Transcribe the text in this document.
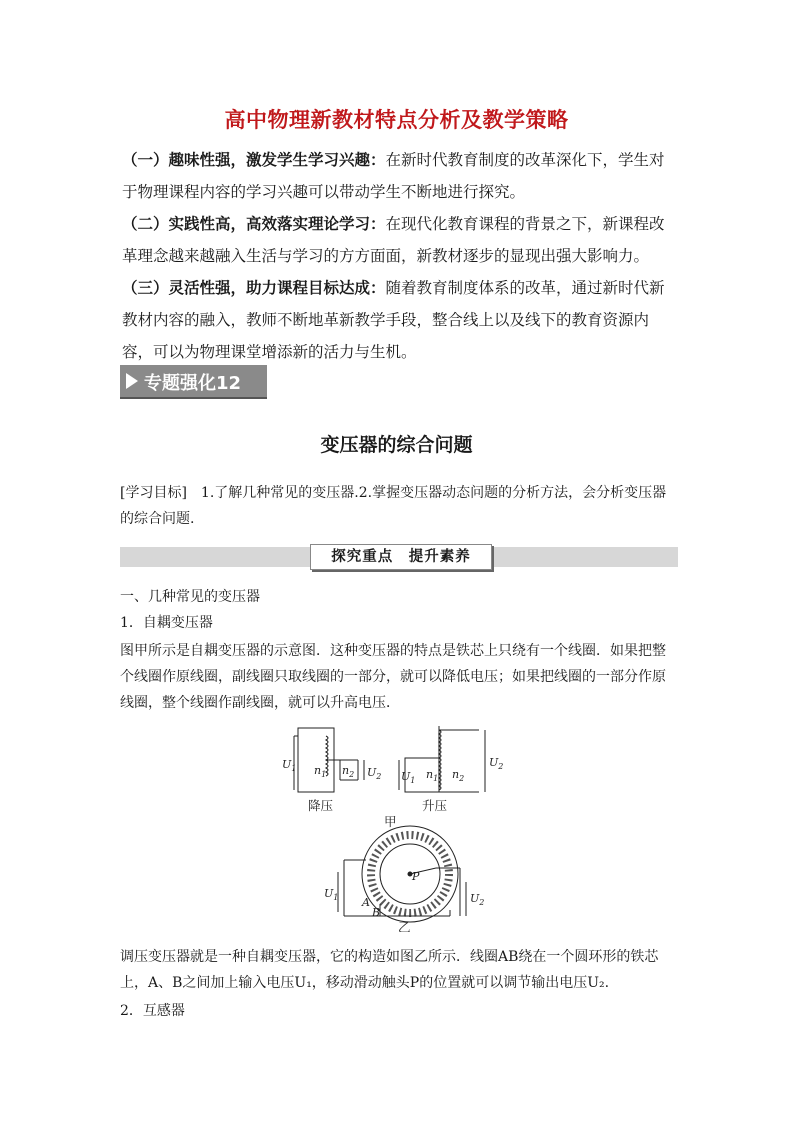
高中物理新教材特点分析及教学策略
（一）趣味性强，激发学生学习兴趣：在新时代教育制度的改革深化下，学生对于物理课程内容的学习兴趣可以带动学生不断地进行探究。
（二）实践性高，高效落实理论学习：在现代化教育课程的背景之下，新课程改革理念越来越融入生活与学习的方方面面，新教材逐步的显现出强大影响力。
（三）灵活性强，助力课程目标达成：随着教育制度体系的改革，通过新时代新教材内容的融入，教师不断地革新教学手段，整合线上以及线下的教育资源内容，可以为物理课堂增添新的活力与生机。
专题强化12
变压器的综合问题
[学习目标]　1.了解几种常见的变压器.2.掌握变压器动态问题的分析方法，会分析变压器的综合问题.
探究重点　提升素养
一、几种常见的变压器
1．自耦变压器
图甲所示是自耦变压器的示意图．这种变压器的特点是铁芯上只绕有一个线圈．如果把整个线圈作原线圈，副线圈只取线圈的一部分，就可以降低电压；如果把线圈的一部分作原线圈，整个线圈作副线圈，就可以升高电压．
$U_1$ $n_1$ $n_2$ $U_2$ $U_1$ $n_1$ $n_2$
$U_2$
降压	升压
甲
$U_1$	$U_2$
P
A
B
乙
调压变压器就是一种自耦变压器，它的构造如图乙所示．线圈AB绕在一个圆环形的铁芯上，A、B之间加上输入电压U₁，移动滑动触头P的位置就可以调节输出电压U₂.
2．互感器
